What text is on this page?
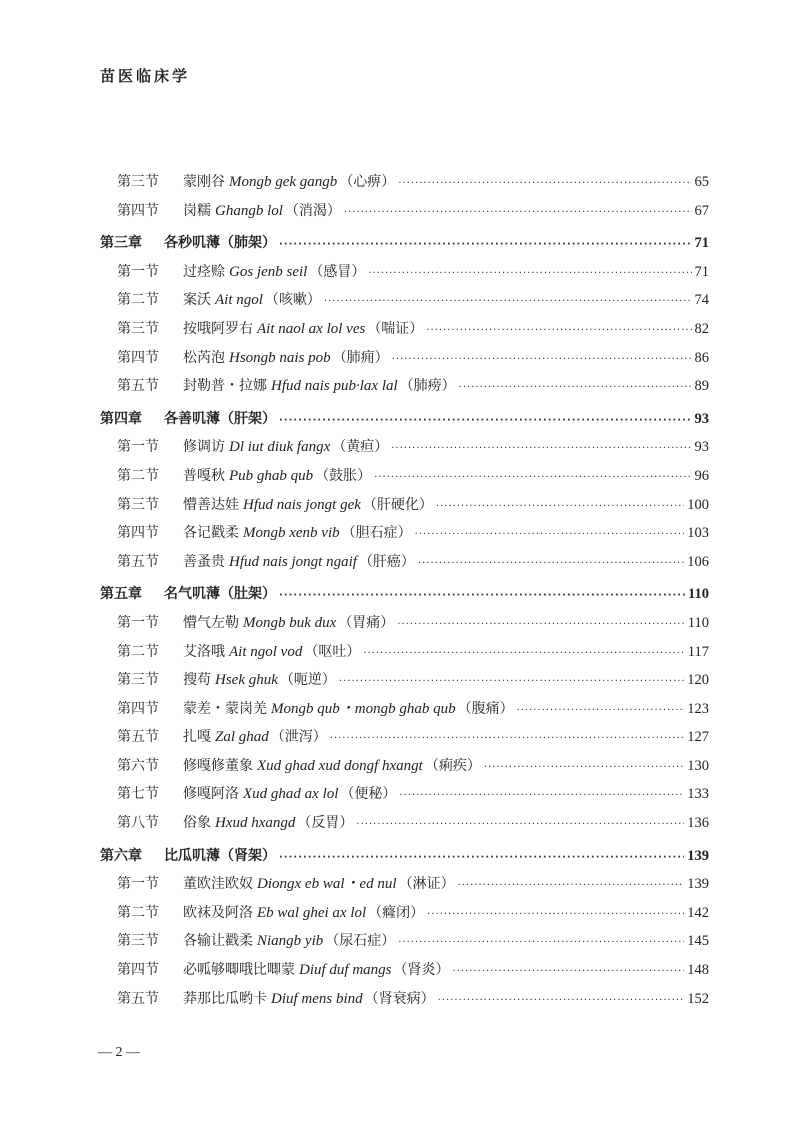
苗医临床学
第三节	蒙刚谷 Mongb gek gangb （心痹） ·····	65
第四节	岗糯 Ghangb lol （消渴） ·····	67
第三章	各秒叽薄（肺架） ·····	71
第一节	过痉赊 Gos jenb seil （感冒） ·····	71
第二节	案沃 Ait ngol （咳嗽） ·····	74
第三节	按哦阿罗右 Ait naol ax lol ves （喘证） ·····	82
第四节	松芮泡 Hsongb nais pob （肺痈） ·····	86
第五节	封勒普・拉娜 Hfud nais pub·lax lal （肺痨） ·····	89
第四章	各善叽薄（肝架） ·····	93
第一节	修调访 Dl iut diuk fangx （黄疸） ·····	93
第二节	普嘎秋 Pub ghab qub （鼓胀） ·····	96
第三节	懵善达娃 Hfud nais jongt gek （肝硬化） ·····	100
第四节	各记戳柔 Mongb xenb vib （胆石症） ·····	103
第五节	善蚤贵 Hfud nais jongt ngaif （肝癌） ·····	106
第五章	名气叽薄（肚架） ·····	110
第一节	懵气左勒 Mongb buk dux （胃痛） ·····	110
第二节	艾洛哦 Ait ngol vod （呕吐） ·····	117
第三节	搜苟 Hsek ghuk （呃逆） ·····	120
第四节	蒙差・蒙岗羌 Mongb qub・mongb ghab qub （腹痛） ·····	123
第五节	扎嘎 Zal ghad （泄泻） ·····	127
第六节	修嘎修董象 Xud ghad xud dongf hxangt （痢疾） ·····	130
第七节	修嘎阿洛 Xud ghad ax lol （便秘） ·····	133
第八节	俗象 Hxud hxangd （反胃） ·····	136
第六章	比瓜叽薄（肾架） ·····	139
第一节	董欧洼欧奴 Diongx eb wal・ed nul （淋证） ·····	139
第二节	欧袜及阿洛 Eb wal ghei ax lol （癃闭） ·····	142
第三节	各输让戳柔 Niangb yib （尿石症） ·····	145
第四节	必呱够唧哦比唧蒙 Diuf duf mangs （肾炎） ·····	148
第五节	莽那比瓜哟卡 Diuf mens bind （肾衰病） ·····	152
— 2 —
